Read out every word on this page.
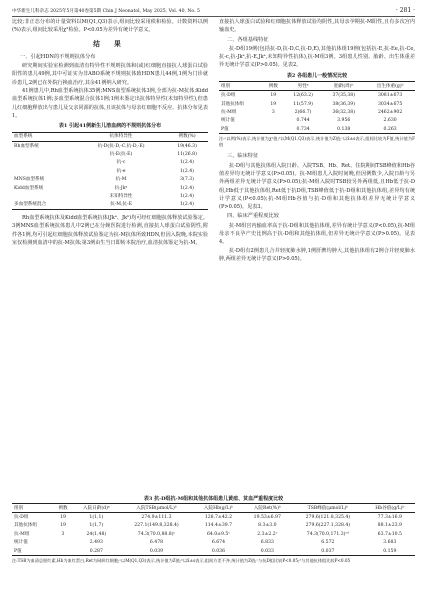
中华新生儿科杂志 2025年5月第40卷第5期 Chin J Neonatol, May 2025, Vol. 40, No. 5	· 281 ·

比较;非正态分布的计量资料以M(Q1,Q3)表示,组间比较采用秩和检验。计数资料以例(%)表示,组间比较采用χ²检验。P<0.05为差异有统计学意义。

结 果
一、引起HDN的不规则抗体分布

研究期间实验室检测到血清有特异性不规则抗体和(或)红细胞直接抗人球蛋白试验阳性的患儿49例,其中可证实为非ABO系统不规则抗体致HDN患儿44例,1例为门诊就诊患儿,2例已在外院行换血治疗,其余41例纳入研究。

41例患儿中,Rh血型系统抗体35例;MNS血型系统抗体3例,全部为抗-M抗体;Kidd血型系统抗体1例;多血型系统混合抗体1例;1例未鉴定出抗体特异性(未知特异性),但患儿红细胞释放出与患儿及父亲同源的抗体,且该抗体与母亲红细胞不反应。抗体分布见表1。

表1 引起41例新生儿溶血病的不规则抗体分布
血型系统	抗体特异性	例数(%)
Rh血型系统	抗-D(抗-D,-C,抗-D,-E)	19(46.3)
	抗-E(抗-E)	11(26.8)
	抗-c	1(2.4)
	抗-e	1(2.4)
MNS血型系统	抗-M	3(7.3)
Kidd血型系统	抗-Jkᵃ	1(2.4)
	未知特异性	1(2.4)
多血型系统混合	抗-M,抗-E	1(2.4)

Rh血型系统抗体及Kidd血型系统抗体(Jkᵃ、Jkᵇ)均可经红细胞抗体释放试验鉴定。3例MNS血型系统抗体患儿中2例已在分娩医院进行检测,直接抗人球蛋白试验阴性,附件各1例,均可引起红细胞抗体释放试验鉴定为抗-M抗体所致HDN,但因入院晚,本院实验室仅检测到血清中的抗-M抗体;第3例由生当日即转本院治疗,血清抗体鉴定为抗-M,

直接抗人球蛋白试验和红细胞抗体释放试验均阴性,其母亲孕期抗-M阳性,且有多次宫内输血史。

二、各组基线特征

抗-D组19例(包括抗-D,抗-D,C,抗-D,E),其他抗体组19例(包括抗-E,抗-Ee,抗-Ce,抗-c,抗-Jkᵃ,抗-E,Jkᵃ,未知特异性抗体),抗-M组3例。3组患儿性别、胎龄、出生体重差异无统计学意义(P>0.05)。见表2。

表2 各组患儿一般情况比较
组别	例数	男性ᵃ	胎龄(周)ᵇ	出生体重(g)ᵇ
抗-D组	19	12(63.2)	37(35,38)	3081±673
其他抗体组	19	11(57.9)	38(36,39)	3034±675
抗-M组	3	2(66.7)	36(32,38)	2462±902
统计值		0.744	3.956	2.630
P值		0.734	0.138	0.263
注:ᵃ以例(%)表示,统计值为χ²值;ᵇ以M(Q1,Q3)表示,统计值为Z值;ᶜ以x̄±s表示,组间比较为F值,统计值为F值
三、临床特征

抗-D组与其他抗体组入院日龄、入院TSB、Hb、Ret、住院期间TSB峰值和Hb谷值差异均无统计学意义(P>0.05)。抗-M组患儿入院时间晚,但因例数少,入院日龄与另外两组差异无统计学意义(P>0.05);抗-M组入院时TSB较另外两组低,且Hb低于抗-D组,Hb低于其他抗体组,Ret低于抗D组,TSB峰值低于抗-D组和其他抗体组,差异均有统计学意义(P<0.05);抗-M组Hb谷值与抗-D组和其他抗体组差异无统计学意义(P>0.05)。见表3。

四、临床严重程度比较

抗-M组宫内输血率高于抗-D组和其他抗体组,差异有统计学意义(P<0.05),抗-M组母亲不良孕产史比例高于抗-D组和其他抗体组,但差异无统计学意义(P>0.05)。见表4。

抗-D组有2例患儿合并轻度肺水肿,1例肝脾均肿大,其他抗体组有2例合并轻度肺水肿,两组差异无统计学意义(P>0.05)。

表3 抗-D组抗-M组和其他抗体组患儿黄疸、贫血严重程度比较
组别	例数	入院日龄(d)ᵃ	入院TSB(μmol/L)ᵇ	入院Hb(g/L)ᵇ	入院Ret(%)ᵇ	TSB峰值(μmol/L)ᵇ	Hb谷值(g/L)ᵇ
抗-D组	19	1(1,1)	274.9±111.3	128.7±42.2	19.53±6.97	279.6(121.8,325.4)	77.3±16.9
其他抗体组	19	1(1,7)	227.1(149.8,328.4)	114.4±39.7	8.3±3.0	279.6(227.1,328.4)	88.1±23.9
抗-M组	3	24(1,48)	74.3(70.0,88.8)ᶜ	64.0±9.5ᶜ	2.3±2.2ᶜ	74.3(70.0,171.3)ᶜᵈ	63.7±10.5
统计值		2.493	6.478	6.674	6.833	6.572	3.683
P值		0.287	0.039	0.036	0.033	0.037	0.159
注:TSB为血清总胆红素,Hb为血红蛋白,Ret为网织红细胞;ᵃ以M(Q1,Q3)表示,统计值为Z值;ᵇ以x̄±s表示,组间方差不齐,统计值为Z值;ᶜ与抗D组比较P<0.05;ᵈ与其他抗体组比较P<0.05
